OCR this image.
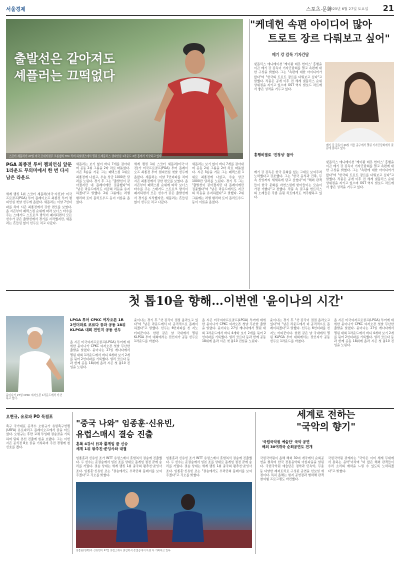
서울경제	스포츠·문화
2025년 6월 27일 토요일 21
스코티 셰플러가 27일 미국 코네티컷주 크롬웰의 TPC 리버 하일랜즈에서 열린 트래블러스 챔피언십 1라운드 2번 홀에서 티샷하고 있다.
출발선은 같아져도
셰플러는 끄떡없다
PGA 최종전 투어 챔피언십 앞둔 1라운드 무의미에서 한 번 다시 남은 라운드
세계 랭킹 1위 스코티 셰플러(미국·사진)가 미국프로골프(PGA) 투어 플레이오프 최종전 투어 챔피언십 첫날 선두에 올랐다. 셰플러는 이날 7언더파를 치며 시즌 최종전에서 강한 면모를 보였다. 올 시즌부터 페덱스컵 순위에 따라 보너스 타수를 주는 스태거드 스트로크 방식이 폐지되면서 모든 선수가 같은 출발선에서 경기를 시작했지만, 셰플러는 흔들림 없이 선두로 치고 나갔다.
셰플러는 보기 없이 버디 7개를 잡아내며 공동 2위 그룹을 2타 차로 따돌렸다. 시즌 5승을 거둔 그는 페덱스컵 1위로 최종전에 나섰고, 우승 상금 1000만 달러를 노린다. 경기 후 그는 "출발선이 같아졌지만 내 플레이에만 집중했다"며 "남은 라운드에서도 지금의 리듬을 유지하겠다"고 말했다. 2위 그룹에는 러셀 헨리와 토미 플리트우드 등이 이름을 올렸다.
세계 랭킹 1위 스코티 셰플러(미국·사진)가 미국프로골프(PGA) 투어 플레이오프 최종전 투어 챔피언십 첫날 선두에 올랐다. 셰플러는 이날 7언더파를 치며 시즌 최종전에서 강한 면모를 보였다. 올 시즌부터 페덱스컵 순위에 따라 보너스 타수를 주는 스태거드 스트로크 방식이 폐지되면서 모든 선수가 같은 출발선에서 경기를 시작했지만, 셰플러는 흔들림 없이 선두로 치고 나갔다.
셰플러는 보기 없이 버디 7개를 잡아내며 공동 2위 그룹을 2타 차로 따돌렸다. 시즌 5승을 거둔 그는 페덱스컵 1위로 최종전에 나섰고, 우승 상금 1000만 달러를 노린다. 경기 후 그는 "출발선이 같아졌지만 내 플레이에만 집중했다"며 "남은 라운드에서도 지금의 리듬을 유지하겠다"고 말했다. 2위 그룹에는 러셀 헨리와 토미 플리트우드 등이 이름을 올렸다.
"케데헌 속편 아이디어 많아
트로트 장르 다뤄보고 싶어"
메기 강 감독 기자간담
넷플릭스 애니메이션 '케이팝 데몬 헌터스' 흥행을 이끈 메기 강 감독이 기자간담회를 열고 속편에 대한 구상을 밝혔다. 그는 "속편에 대한 아이디어가 많다"며 "한국의 트로트 장르를 다뤄보고 싶다"고 말했다. 작품은 공개 이후 전 세계 넷플릭스 순위 상위권을 지키고 있으며 OST 역시 빌보드 차트에서 좋은 성적을 거두고 있다.
메기 강 감독이 26일 서울 중구에서 열린 기자간담회에서 질문에 답하고 있다.
흥행비결로 '진정성' 꼽아
메기 강 감독은 한국 문화를 있는 그대로 보여주려 노력했다고 강조했다. 그는 "한국 음식과 건축, 무속 신앙까지 세세하게 담고 싶었다"며 "해외 관객들이 한국 문화를 자연스럽게 받아들이는 모습이 가장 기뻤다"고 전했다. 작품 속 걸그룹 헌트릭스의 노래들은 각종 음원 차트에서도 역주행하고 있다.
넷플릭스 애니메이션 '케이팝 데몬 헌터스' 흥행을 이끈 메기 강 감독이 기자간담회를 열고 속편에 대한 구상을 밝혔다. 그는 "속편에 대한 아이디어가 많다"며 "한국의 트로트 장르를 다뤄보고 싶다"고 말했다. 작품은 공개 이후 전 세계 넷플릭스 순위 상위권을 지키고 있으며 OST 역시 빌보드 차트에서 좋은 성적을 거두고 있다.
첫 톱10을 향해…이번엔 '윤이나의 시간'
윤이나가 27일 CPKC 여자오픈 1라운드에서 티샷하고 있다.
LPGA 투어 CPKC 여자오픈 1R
2언더파로 코르다 등과 공동 18위
KLPGA 대회 전인지 공동 선두
올 시즌 미국여자프로골프(LPGA) 투어에 데뷔한 윤이나가 CPKC 여자오픈 첫날 무난한 출발을 알렸다. 윤이나는 27일 캐나다에서 열린 대회 1라운드에서 버디 4개와 보기 2개를 묶어 2언더파를 기록했다. 넬리 코르다 등과 함께 공동 18위에 올라 시즌 첫 톱10 진입을 노린다.
윤이나는 경기 후 "샷 감각이 점점 올라오고 있다"며 "남은 라운드에서 더 공격적으로 플레이하겠다"고 말했다. 선두는 6언더파를 친 지노 티띠꾼이다. 한편 같은 날 국내에서 열린 KLPGA 투어 대회에서는 전인지가 공동 선두로 1라운드를 마쳤다.
올 시즌 미국여자프로골프(LPGA) 투어에 데뷔한 윤이나가 CPKC 여자오픈 첫날 무난한 출발을 알렸다. 윤이나는 27일 캐나다에서 열린 대회 1라운드에서 버디 4개와 보기 2개를 묶어 2언더파를 기록했다. 넬리 코르다 등과 함께 공동 18위에 올라 시즌 첫 톱10 진입을 노린다.
윤이나는 경기 후 "샷 감각이 점점 올라오고 있다"며 "남은 라운드에서 더 공격적으로 플레이하겠다"고 말했다. 선두는 6언더파를 친 지노 티띠꾼이다. 한편 같은 날 국내에서 열린 KLPGA 투어 대회에서는 전인지가 공동 선두로 1라운드를 마쳤다.
올 시즌 미국여자프로골프(LPGA) 투어에 데뷔한 윤이나가 CPKC 여자오픈 첫날 무난한 출발을 알렸다. 윤이나는 27일 캐나다에서 열린 대회 1라운드에서 버디 4개와 보기 2개를 묶어 2언더파를 기록했다. 넬리 코르다 등과 함께 공동 18위에 올라 시즌 첫 톱10 진입을 노린다.
오현규, 유로파 PO 득점포
축구 국가대표 공격수 오현규가 유럽축구연맹(UEFA) 유로파리그 플레이오프에서 골을 터트렸다. 오현규는 후반 교체 투입돼 결승골을 기록하며 팀의 본선 진출에 힘을 보탰다. 그는 이번 시즌 공식전 8호 골을 기록하며 주전 경쟁에 청신호를 켰다.
"중국 나와" 임종훈·신유빈,
유럽스매시 결승 진출
혼복 4강서 日과 풀게임 끝 신승
세계 1위 왕추친·쑨잉사와 대결
임종훈과 신유빈 조가 WTT 유럽스매시 혼합복식 결승에 진출했다. 두 선수는 준결승에서 일본 조를 상대로 풀게임 접전 끝에 승리를 거뒀다. 결승 상대는 세계 랭킹 1위 중국의 왕추친·쑨잉사 조다. 임종훈·신유빈 조는 "결승에서도 우리만의 플레이를 보여주겠다"고 각오를 밝혔다.
임종훈과 신유빈 조가 WTT 유럽스매시 혼합복식 결승에 진출했다. 두 선수는 준결승에서 일본 조를 상대로 풀게임 접전 끝에 승리를 거뒀다. 결승 상대는 세계 랭킹 1위 중국의 왕추친·쑨잉사 조다. 임종훈·신유빈 조는 "결승에서도 우리만의 플레이를 보여주겠다"고 각오를 밝혔다.
임종훈(왼쪽)과 신유빈이 27일 유럽스매시 혼합복식 준결승에서 득점 후 기뻐하고 있다.
세계로 전하는
"국악의 향기"
'국립국악원 예술단' 국악 공연
해외 30여개국 순회공연도 전개
국립국악원이 올해 해외 30여 개국에서 순회공연을 펼치며 한국 전통음악의 아름다움을 알린다. 국립국악원 예술단은 정악과 민속악, 무용 등 다양한 레퍼토리로 구성된 공연을 선보일 예정이다. 특히 올해는 현지 공연장과 협력해 관객 참여형 프로그램도 마련했다.
국립국악원 관계자는 "국악은 이미 세계 무대에서 통하는 음악"이라며 "더 많은 해외 관객들이 우리 소리의 매력을 느낄 수 있도록 노력하겠다"고 밝혔다.
